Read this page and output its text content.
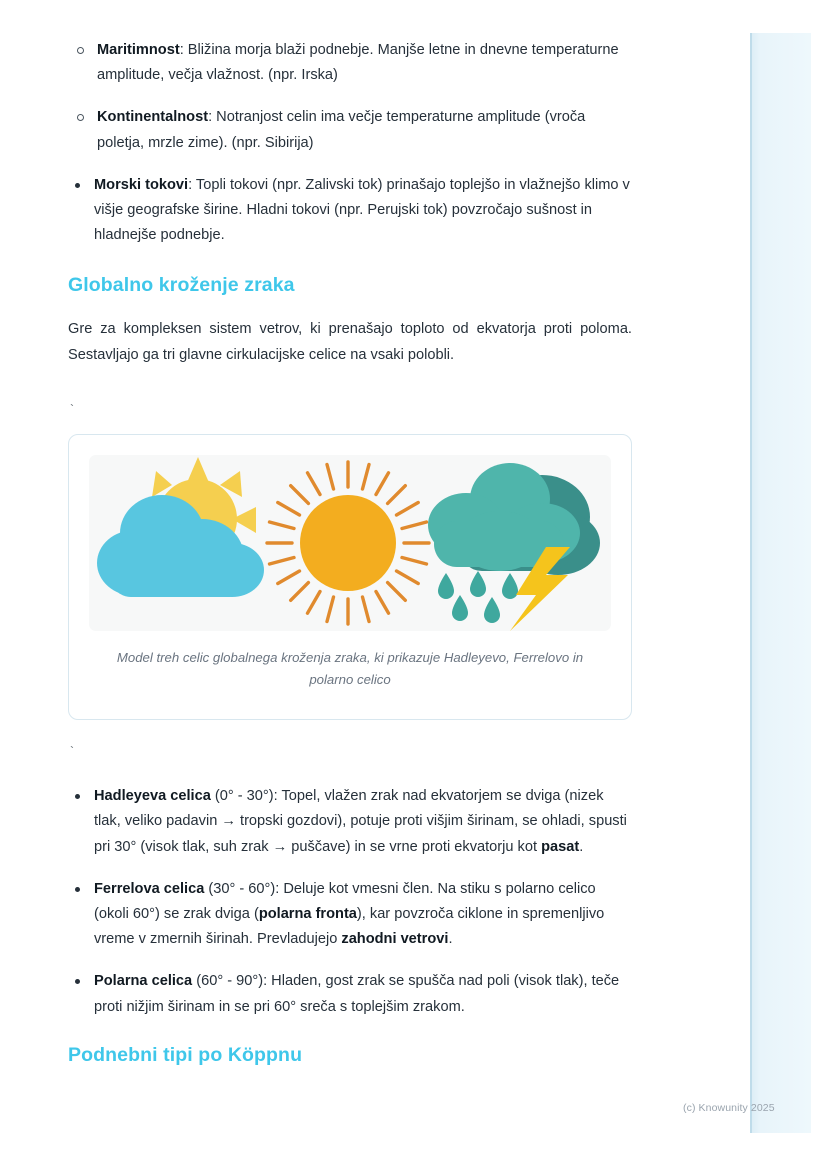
Maritimnost: Bližina morja blaži podnebje. Manjše letne in dnevne temperaturne amplitude, večja vlažnost. (npr. Irska)
Kontinentalnost: Notranjost celin ima večje temperaturne amplitude (vroča poletja, mrzle zime). (npr. Sibirija)
Morski tokovi: Topli tokovi (npr. Zalivski tok) prinašajo toplejšo in vlažnejšo klimo v višje geografske širine. Hladni tokovi (npr. Perujski tok) povzročajo sušnost in hladnejše podnebje.
Globalno kroženje zraka

Gre za kompleksen sistem vetrov, ki prenašajo toploto od ekvatorja proti poloma. Sestavljajo ga tri glavne cirkulacijske celice na vsaki polobli.

`
Model treh celic globalnega kroženja zraka, ki prikazuje Hadleyevo, Ferrelovo in polarno celico
`
Hadleyeva celica (0° - 30°): Topel, vlažen zrak nad ekvatorjem se dviga (nizek tlak, veliko padavin → tropski gozdovi), potuje proti višjim širinam, se ohladi, spusti pri 30° (visok tlak, suh zrak → puščave) in se vrne proti ekvatorju kot pasat.
Ferrelova celica (30° - 60°): Deluje kot vmesni člen. Na stiku s polarno celico (okoli 60°) se zrak dviga (polarna fronta), kar povzroča ciklone in spremenljivo vreme v zmernih širinah. Prevladujejo zahodni vetrovi.
Polarna celica (60° - 90°): Hladen, gost zrak se spušča nad poli (visok tlak), teče proti nižjim širinam in se pri 60° sreča s toplejšim zrakom.
Podnebni tipi po Köppnu
(c) Knowunity 2025
